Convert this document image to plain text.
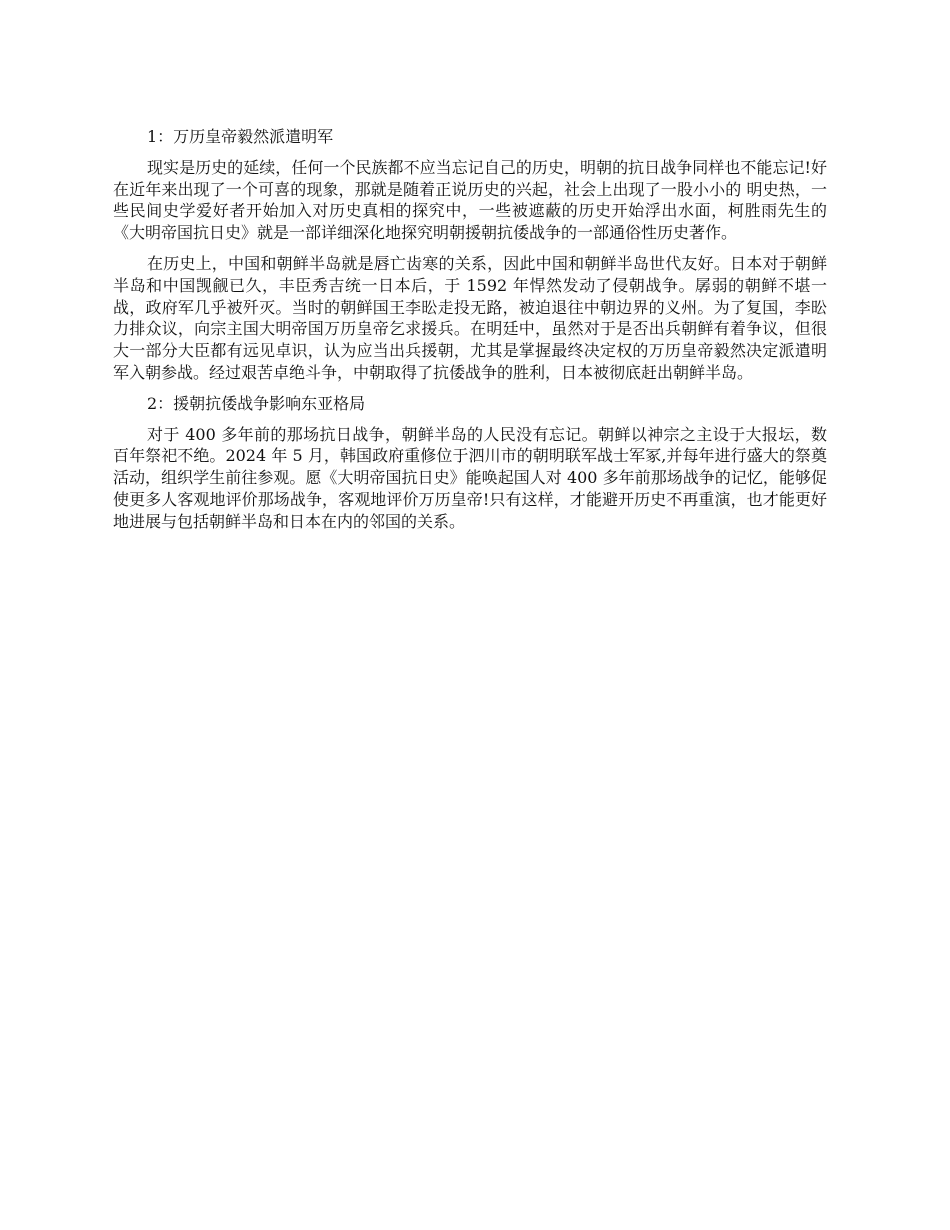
1：万历皇帝毅然派遣明军

现实是历史的延续，任何一个民族都不应当忘记自己的历史，明朝的抗日战争同样也不能忘记!好在近年来出现了一个可喜的现象，那就是随着正说历史的兴起，社会上出现了一股小小的 明史热，一些民间史学爱好者开始加入对历史真相的探究中，一些被遮蔽的历史开始浮出水面，柯胜雨先生的《大明帝国抗日史》就是一部详细深化地探究明朝援朝抗倭战争的一部通俗性历史著作。

在历史上，中国和朝鲜半岛就是唇亡齿寒的关系，因此中国和朝鲜半岛世代友好。日本对于朝鲜半岛和中国觊觎已久，丰臣秀吉统一日本后，于 1592 年悍然发动了侵朝战争。孱弱的朝鲜不堪一战，政府军几乎被歼灭。当时的朝鲜国王李昖走投无路，被迫退往中朝边界的义州。为了复国，李昖力排众议，向宗主国大明帝国万历皇帝乞求援兵。在明廷中，虽然对于是否出兵朝鲜有着争议，但很大一部分大臣都有远见卓识，认为应当出兵援朝，尤其是掌握最终决定权的万历皇帝毅然决定派遣明军入朝参战。经过艰苦卓绝斗争，中朝取得了抗倭战争的胜利，日本被彻底赶出朝鲜半岛。

2：援朝抗倭战争影响东亚格局

对于 400 多年前的那场抗日战争，朝鲜半岛的人民没有忘记。朝鲜以神宗之主设于大报坛，数百年祭祀不绝。2024 年 5 月，韩国政府重修位于泗川市的朝明联军战士军冢,并每年进行盛大的祭奠活动，组织学生前往参观。愿《大明帝国抗日史》能唤起国人对 400 多年前那场战争的记忆，能够促使更多人客观地评价那场战争，客观地评价万历皇帝!只有这样，才能避开历史不再重演，也才能更好地进展与包括朝鲜半岛和日本在内的邻国的关系。
